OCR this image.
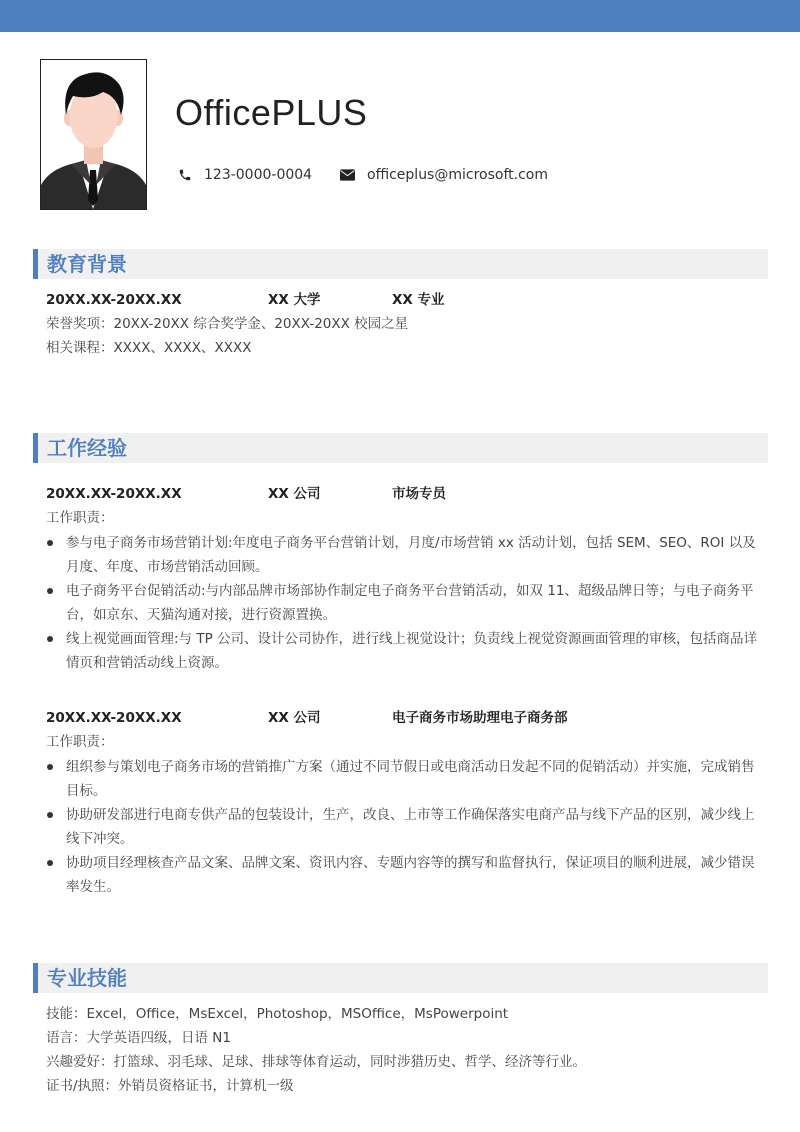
OfficePLUS
123-0000-0004	officeplus@microsoft.com
教育背景
20XX.XX-20XX.XX	XX 大学	XX 专业
荣誉奖项：20XX-20XX 综合奖学金、20XX-20XX 校园之星
相关课程：XXXX、XXXX、XXXX
工作经验
20XX.XX-20XX.XX	XX 公司	市场专员
工作职责：
参与电子商务市场营销计划:年度电子商务平台营销计划，月度/市场营销 xx 活动计划，包括 SEM、SEO、ROI 以及月度、年度、市场营销活动回顾。
电子商务平台促销活动:与内部品牌市场部协作制定电子商务平台营销活动，如双 11、超级品牌日等；与电子商务平台，如京东、天猫沟通对接，进行资源置换。
线上视觉画面管理:与 TP 公司、设计公司协作，进行线上视觉设计；负责线上视觉资源画面管理的审核，包括商品详情页和营销活动线上资源。
20XX.XX-20XX.XX	XX 公司	电子商务市场助理电子商务部
工作职责：
组织参与策划电子商务市场的营销推广方案（通过不同节假日或电商活动日发起不同的促销活动）并实施，完成销售目标。
协助研发部进行电商专供产品的包装设计，生产，改良、上市等工作确保落实电商产品与线下产品的区别，减少线上线下冲突。
协助项目经理核查产品文案、品牌文案、资讯内容、专题内容等的撰写和监督执行，保证项目的顺利进展，减少错误率发生。
专业技能
技能：Excel，Office，MsExcel，Photoshop，MSOffice，MsPowerpoint
语言：大学英语四级，日语 N1
兴趣爱好：打篮球、羽毛球、足球、排球等体育运动，同时涉猎历史、哲学、经济等行业。
证书/执照：外销员资格证书，计算机一级
